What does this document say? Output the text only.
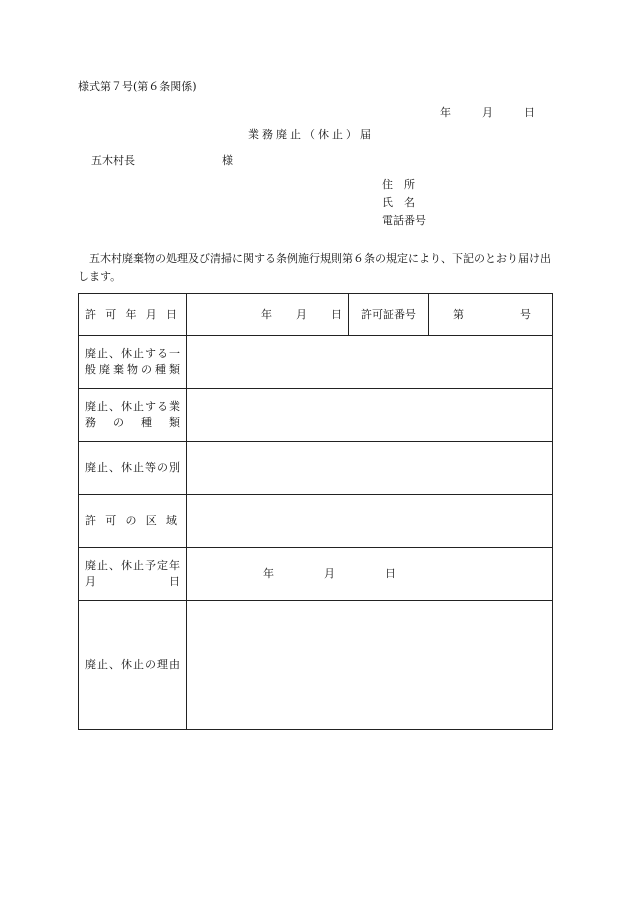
様式第７号(第６条関係)
年	月	日
業務廃止（休止）届
五木村長	様
住　所
氏　名
電話番号
　五木村廃棄物の処理及び清掃に関する条例施行規則第６条の規定により、下記のとおり届け出します。
許可年月日	年 月 日	許可証番号	第 号

廃止、休止する一般廃棄物の種類			

廃止、休止する業務の種類			

廃止、休止等の別			

許可の区域			

廃止、休止予定年月日	年 月 日		

廃止、休止の理由			
